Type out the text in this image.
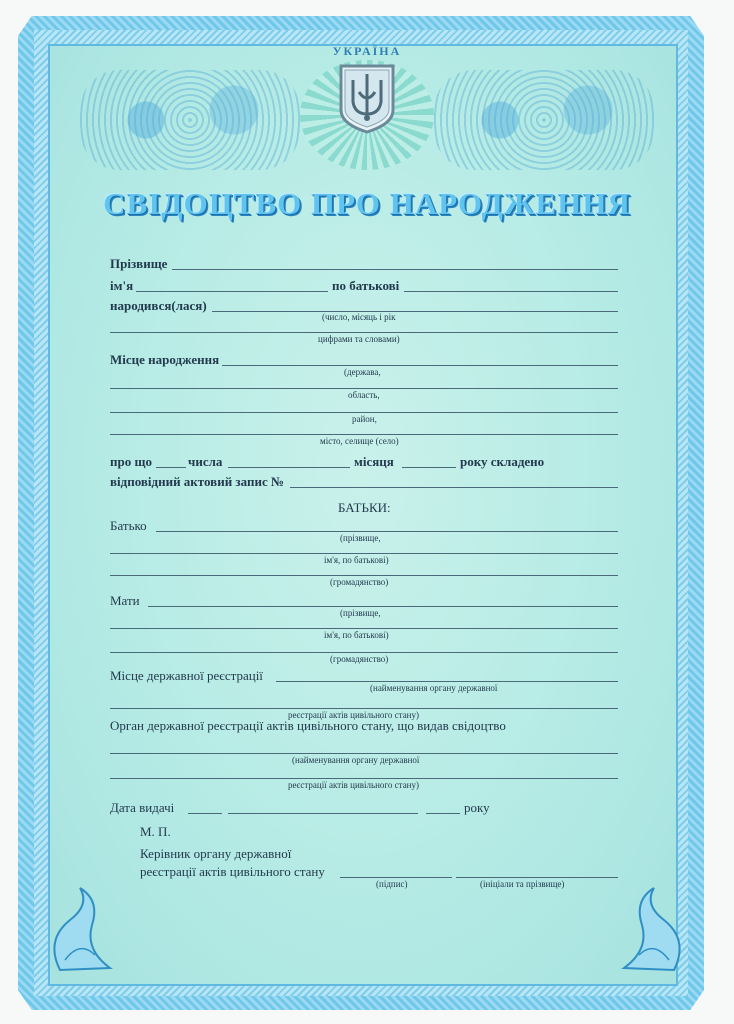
УКРАЇНА
СВІДОЦТВО ПРО НАРОДЖЕННЯ
Прізвище
ім'я	по батькові
народився(лася)
(число, місяць і рік
цифрами та словами)
Місце народження
(держава,
область,
район,
місто, селище (село)
про що	числа	місяця	року складено
відповідний актовий запис №
БАТЬКИ:
Батько
(прізвище,
ім'я, по батькові)
(громадянство)
Мати
(прізвище,
ім'я, по батькові)
(громадянство)
Місце державної реєстрації
(найменування органу державної
реєстрації актів цивільного стану)
Орган державної реєстрації актів цивільного стану, що видав свідоцтво
(найменування органу державної
реєстрації актів цивільного стану)
Дата видачі	року
М. П.
Керівник органу державної
реєстрації актів цивільного стану
(підпис)	(ініціали та прізвище)
